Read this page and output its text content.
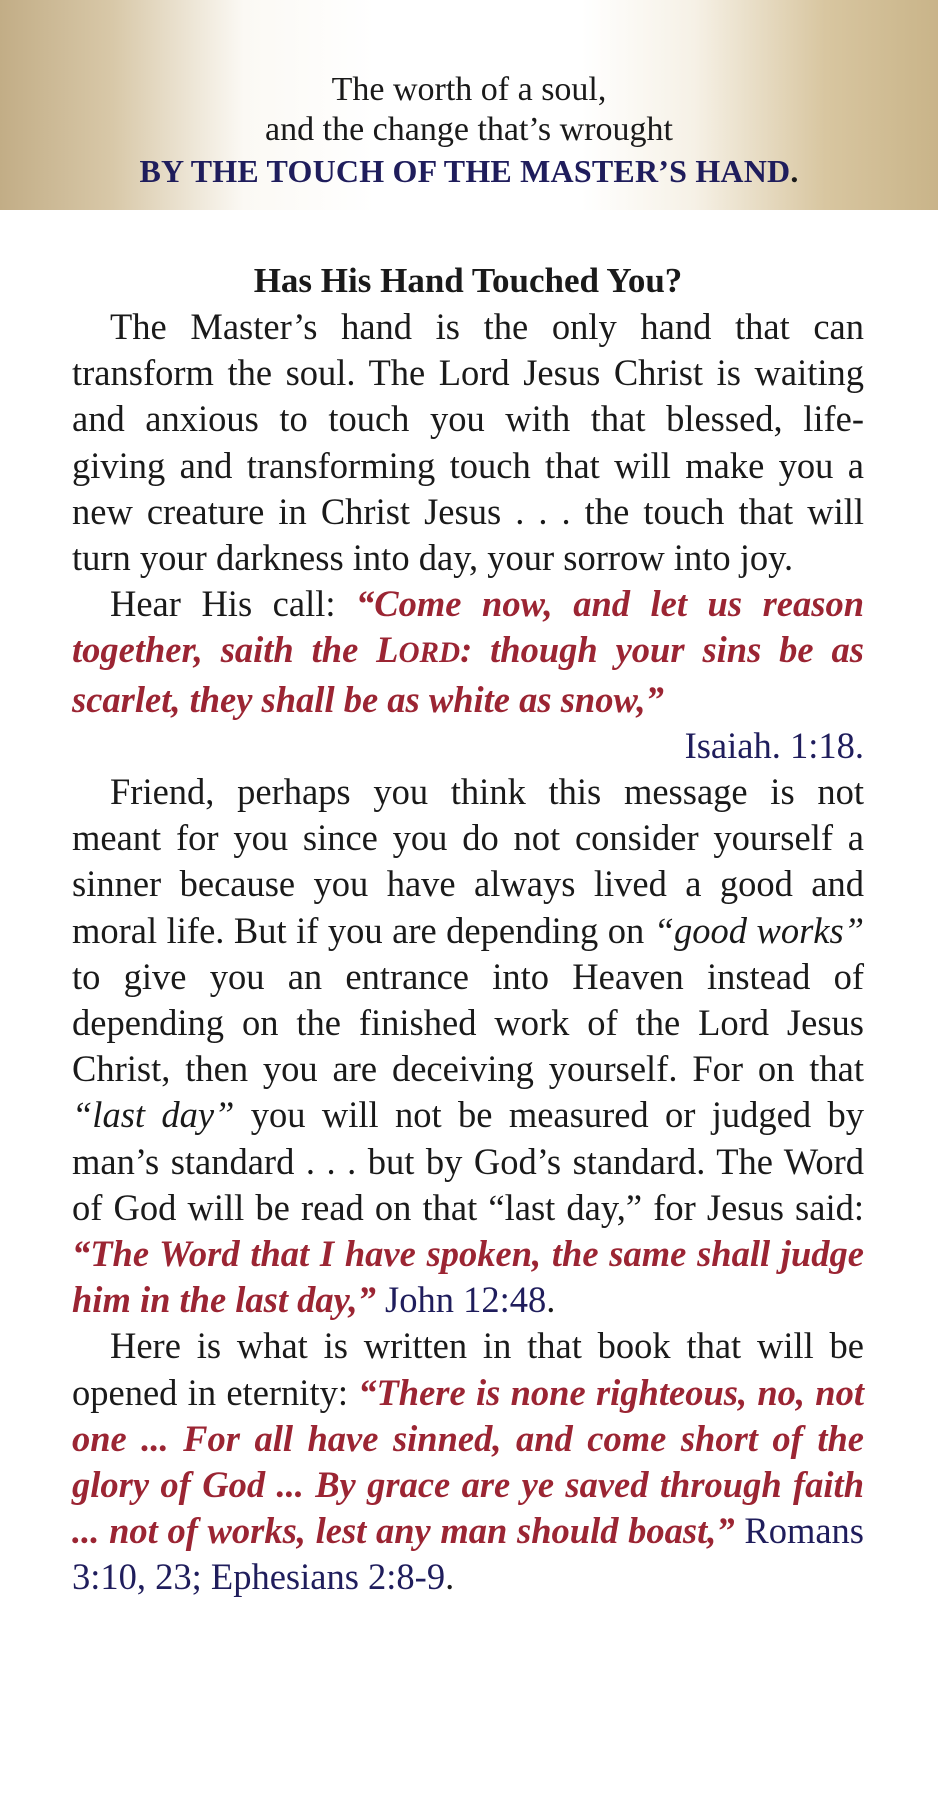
The worth of a soul,
and the change that’s wrought
BY THE TOUCH OF THE MASTER’S HAND.
Has His Hand Touched You?

The Master’s hand is the only hand that can transform the soul. The Lord Jesus Christ is waiting and anxious to touch you with that blessed, life-giving and transforming touch that will make you a new creature in Christ Jesus . . . the touch that will turn your darkness into day, your sorrow into joy.

Hear His call: “Come now, and let us reason together, saith the LORD: though your sins be as scarlet, they shall be as white as snow,”

Isaiah. 1:18.

Friend, perhaps you think this message is not meant for you since you do not consider yourself a sinner because you have always lived a good and moral life. But if you are depending on “good works” to give you an entrance into Heaven instead of depending on the finished work of the Lord Jesus Christ, then you are deceiving yourself. For on that “last day” you will not be measured or judged by man’s standard . . . but by God’s standard. The Word of God will be read on that “last day,” for Jesus said: “The Word that I have spoken, the same shall judge him in the last day,” John 12:48.

Here is what is written in that book that will be opened in eternity: “There is none righteous, no, not one ... For all have sinned, and come short of the glory of God ... By grace are ye saved through faith ... not of works, lest any man should boast,” Romans 3:10, 23; Ephesians 2:8-9.
